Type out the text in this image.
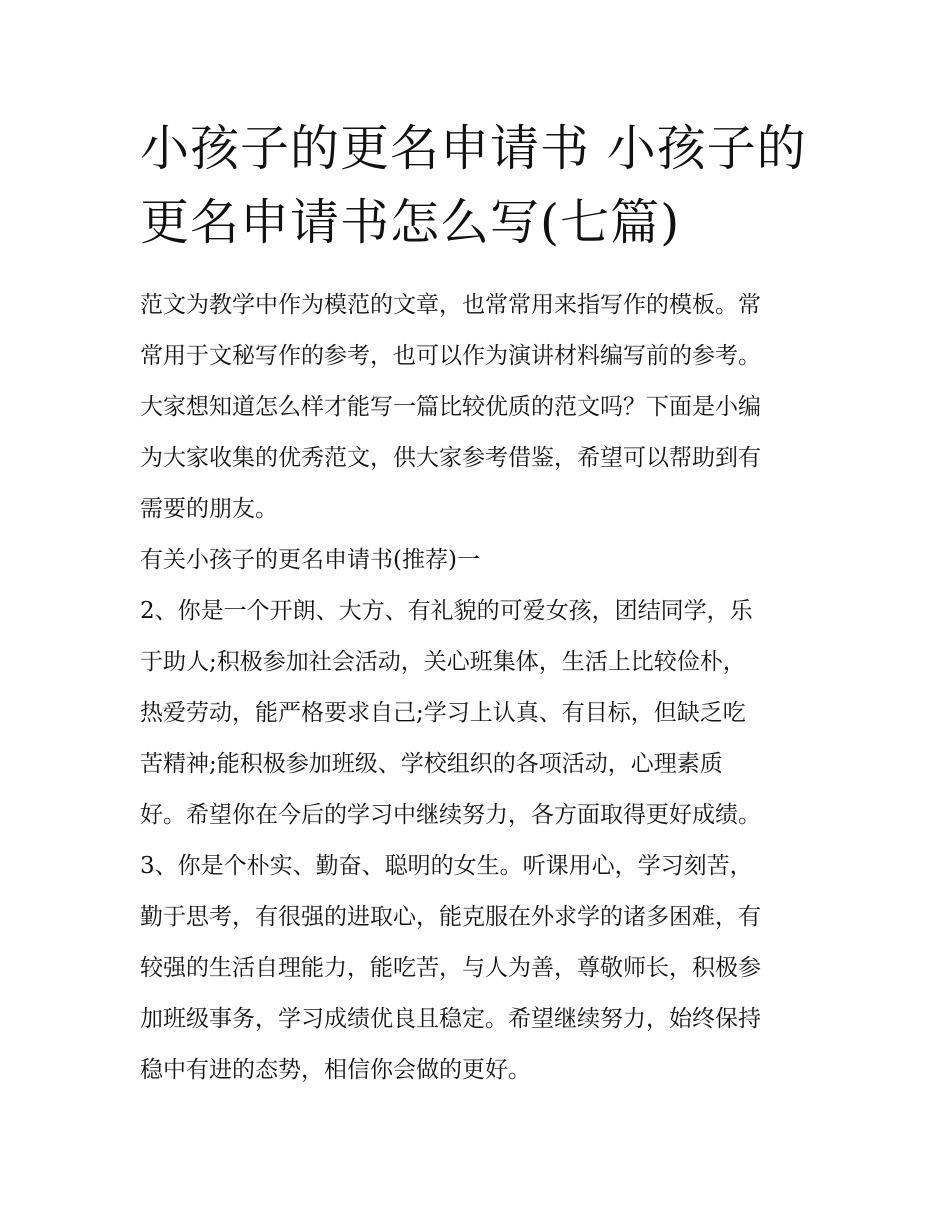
小孩子的更名申请书 小孩子的
更名申请书怎么写(七篇)
范文为教学中作为模范的文章，也常常用来指写作的模板。常
常用于文秘写作的参考，也可以作为演讲材料编写前的参考。
大家想知道怎么样才能写一篇比较优质的范文吗？下面是小编
为大家收集的优秀范文，供大家参考借鉴，希望可以帮助到有
需要的朋友。
有关小孩子的更名申请书(推荐)一
2、你是一个开朗、大方、有礼貌的可爱女孩，团结同学，乐
于助人;积极参加社会活动，关心班集体，生活上比较俭朴，
热爱劳动，能严格要求自己;学习上认真、有目标，但缺乏吃
苦精神;能积极参加班级、学校组织的各项活动，心理素质
好。希望你在今后的学习中继续努力，各方面取得更好成绩。
3、你是个朴实、勤奋、聪明的女生。听课用心，学习刻苦，
勤于思考，有很强的进取心，能克服在外求学的诸多困难，有
较强的生活自理能力，能吃苦，与人为善，尊敬师长，积极参
加班级事务，学习成绩优良且稳定。希望继续努力，始终保持
稳中有进的态势，相信你会做的更好。
